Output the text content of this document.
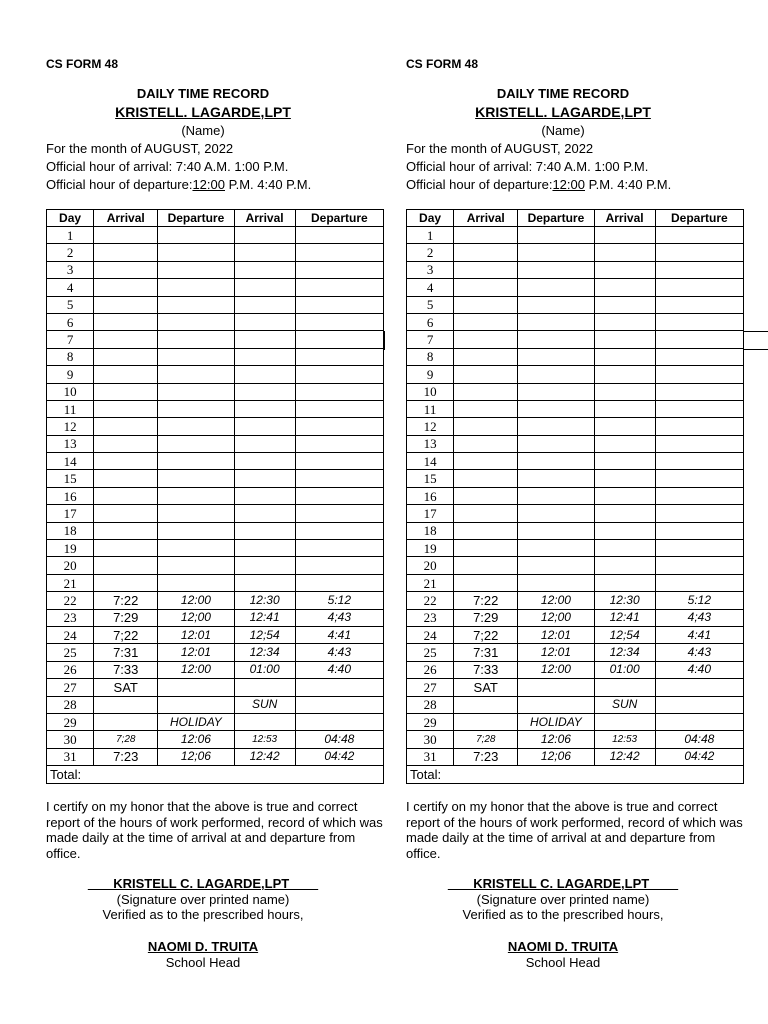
CS FORM 48
DAILY TIME RECORD
KRISTELL. LAGARDE,LPT
(Name)
For the month of AUGUST, 2022
Official hour of arrival: 7:40 A.M. 1:00 P.M.
Official hour of departure:12:00 P.M. 4:40 P.M.
Day	Arrival	Departure	Arrival	Departure
1				
2				
3				
4				
5				
6				
7				
8				
9				
10				
11				
12				
13				
14				
15				
16				
17				
18				
19				
20				
21				
22	7:22	12:00	12:30	5:12
23	7:29	12;00	12:41	4;43
24	7;22	12:01	12;54	4:41
25	7:31	12:01	12:34	4:43
26	7:33	12:00	01:00	4:40
27	SAT			
28			SUN	
29		HOLIDAY		
30	7;28	12:06	12:53	04:48
31	7:23	12;06	12:42	04:42
Total:				
I certify on my honor that the above is true and correct report of the hours of work performed, record of which was made daily at the time of arrival at and departure from office.
___ KRISTELL C. LAGARDE,LPT____
(Signature over printed name)
Verified as to the prescribed hours,
NAOMI D. TRUITA
School Head
CS FORM 48
DAILY TIME RECORD
KRISTELL. LAGARDE,LPT
(Name)
For the month of AUGUST, 2022
Official hour of arrival: 7:40 A.M. 1:00 P.M.
Official hour of departure:12:00 P.M. 4:40 P.M.
Day	Arrival	Departure	Arrival	Departure
1				
2				
3				
4				
5				
6				
7				
8				
9				
10				
11				
12				
13				
14				
15				
16				
17				
18				
19				
20				
21				
22	7:22	12:00	12:30	5:12
23	7:29	12;00	12:41	4;43
24	7;22	12:01	12;54	4:41
25	7:31	12:01	12:34	4:43
26	7:33	12:00	01:00	4:40
27	SAT			
28			SUN	
29		HOLIDAY		
30	7;28	12:06	12:53	04:48
31	7:23	12;06	12:42	04:42
Total:				
I certify on my honor that the above is true and correct report of the hours of work performed, record of which was made daily at the time of arrival at and departure from office.
___ KRISTELL C. LAGARDE,LPT____
(Signature over printed name)
Verified as to the prescribed hours,
NAOMI D. TRUITA
School Head
